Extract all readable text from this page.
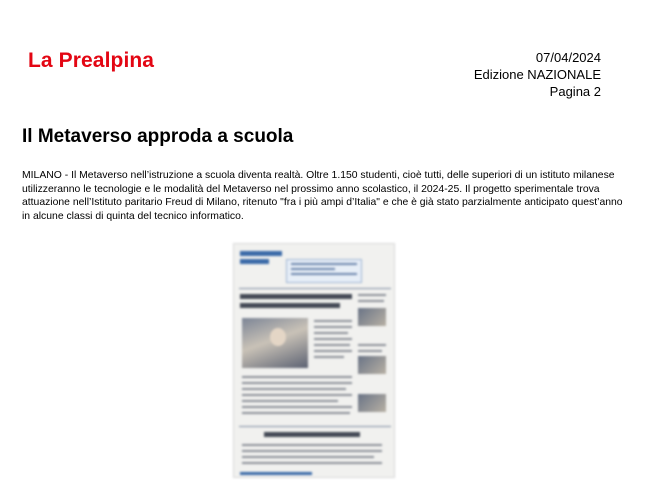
La Prealpina	07/04/2024
Edizione NAZIONALE
Pagina 2
Il Metaverso approda a scuola

MILANO - Il Metaverso nell’istruzione a scuola diventa realtà. Oltre 1.150 studenti, cioè tutti, delle superiori di un istituto milanese utilizzeranno le tecnologie e le modalità del Metaverso nel prossimo anno scolastico, il 2024-25. Il progetto sperimentale trova attuazione nell’Istituto paritario Freud di Milano, ritenuto "fra i più ampi d’Italia" e che è già stato parzialmente anticipato quest’anno in alcune classi di quinta del tecnico informatico.
